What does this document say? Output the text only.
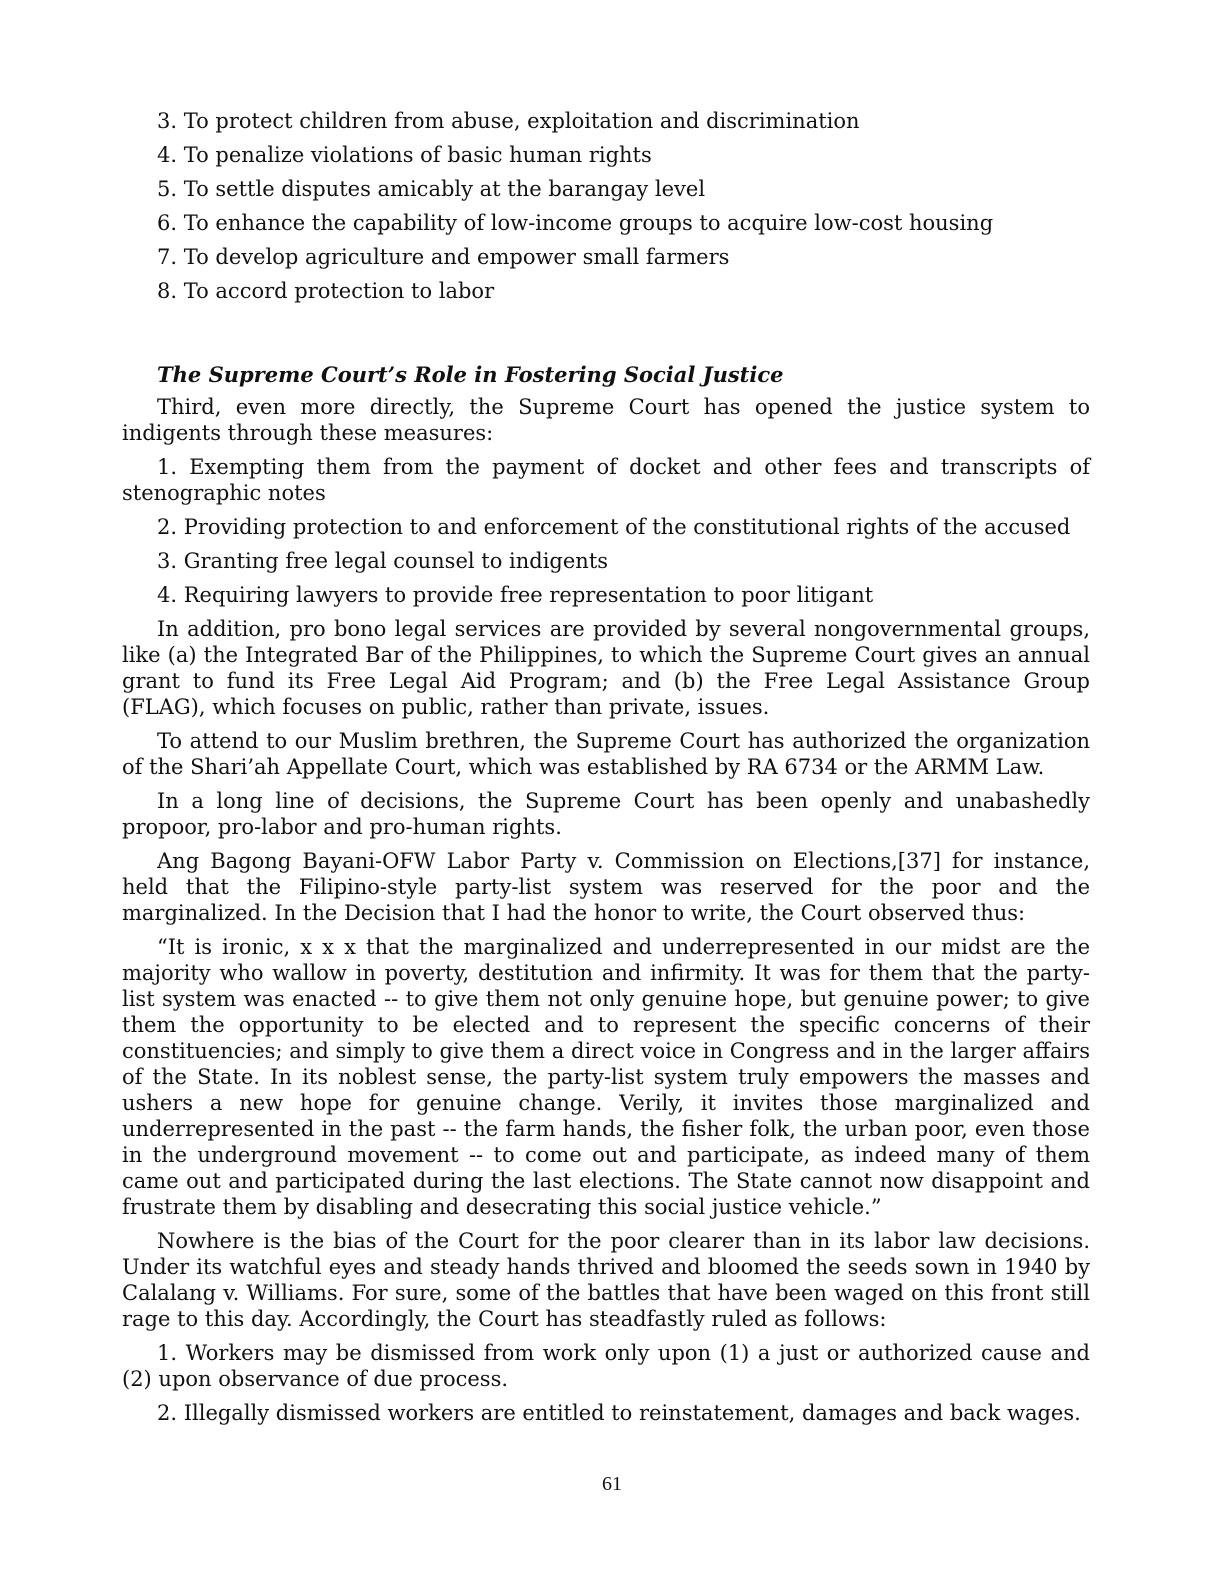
3. To protect children from abuse, exploitation and discrimination
4. To penalize violations of basic human rights
5. To settle disputes amicably at the barangay level
6. To enhance the capability of low-income groups to acquire low-cost housing
7. To develop agriculture and empower small farmers
8. To accord protection to labor
The Supreme Court’s Role in Fostering Social Justice

Third, even more directly, the Supreme Court has opened the justice system to indigents through these measures:

1. Exempting them from the payment of docket and other fees and transcripts of stenographic notes

2. Providing protection to and enforcement of the constitutional rights of the accused

3. Granting free legal counsel to indigents

4. Requiring lawyers to provide free representation to poor litigant

In addition, pro bono legal services are provided by several nongovernmental groups, like (a) the Integrated Bar of the Philippines, to which the Supreme Court gives an annual grant to fund its Free Legal Aid Program; and (b) the Free Legal Assistance Group (FLAG), which focuses on public, rather than private, issues.

To attend to our Muslim brethren, the Supreme Court has authorized the organization of the Shari’ah Appellate Court, which was established by RA 6734 or the ARMM Law.

In a long line of decisions, the Supreme Court has been openly and unabashedly propoor, pro-labor and pro-human rights.

Ang Bagong Bayani-OFW Labor Party v. Commission on Elections,[37] for instance, held that the Filipino-style party-list system was reserved for the poor and the marginalized. In the Decision that I had the honor to write, the Court observed thus:

“It is ironic, x x x that the marginalized and underrepresented in our midst are the majority who wallow in poverty, destitution and infirmity. It was for them that the party-list system was enacted -- to give them not only genuine hope, but genuine power; to give them the opportunity to be elected and to represent the specific concerns of their constituencies; and simply to give them a direct voice in Congress and in the larger affairs of the State. In its noblest sense, the party-list system truly empowers the masses and ushers a new hope for genuine change. Verily, it invites those marginalized and underrepresented in the past -- the farm hands, the fisher folk, the urban poor, even those in the underground movement -- to come out and participate, as indeed many of them came out and participated during the last elections. The State cannot now disappoint and frustrate them by disabling and desecrating this social justice vehicle.”

Nowhere is the bias of the Court for the poor clearer than in its labor law decisions. Under its watchful eyes and steady hands thrived and bloomed the seeds sown in 1940 by Calalang v. Williams. For sure, some of the battles that have been waged on this front still rage to this day. Accordingly, the Court has steadfastly ruled as follows:

1. Workers may be dismissed from work only upon (1) a just or authorized cause and (2) upon observance of due process.

2. Illegally dismissed workers are entitled to reinstatement, damages and back wages.

61
